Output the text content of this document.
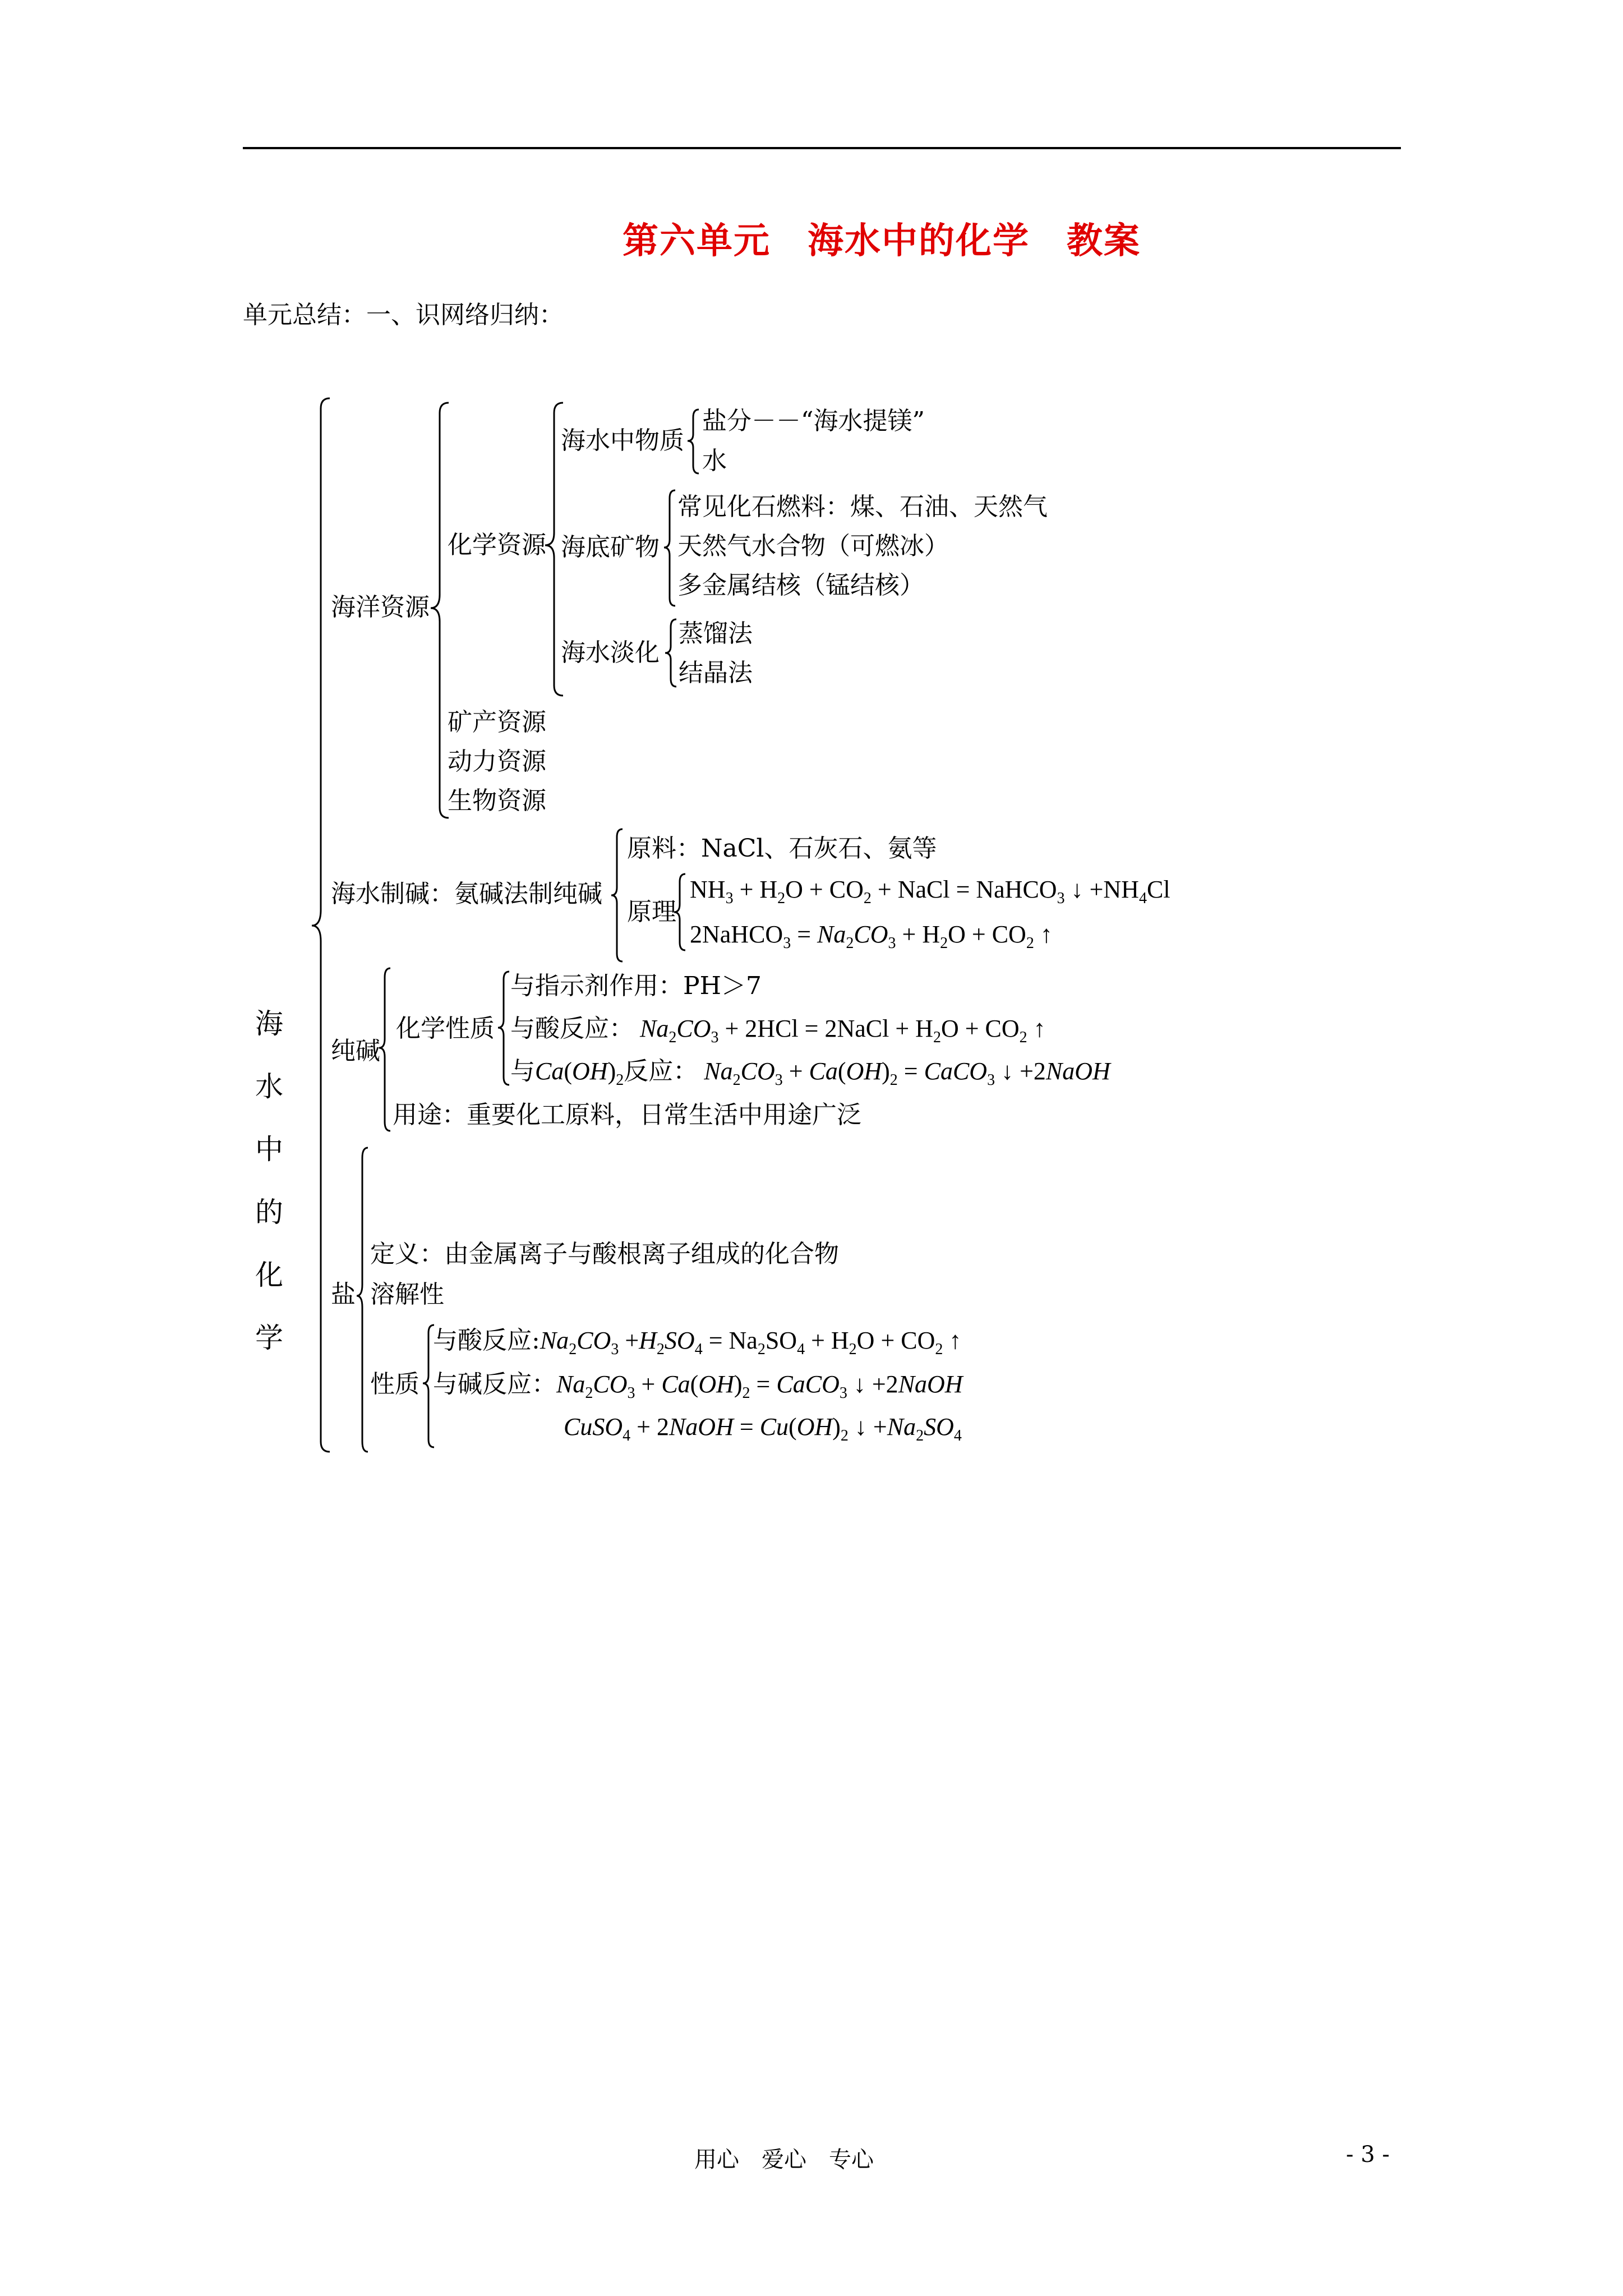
第六单元　海水中的化学　教案
单元总结：一、识网络归纳：
海
水
中
的
化
学
海洋资源
化学资源
海水中物质
盐分－－“海水提镁”
水
海底矿物
常见化石燃料：煤、石油、天然气
天然气水合物（可燃冰）
多金属结核（锰结核）
海水淡化
蒸馏法
结晶法
矿产资源
动力资源
生物资源
海水制碱：氨碱法制纯碱
原料：NaCl、石灰石、氨等
原理
$NH_3 + H_2O + CO_2$ + NaCl = NaHCO$_3$ ↓ $+NH_4Cl$
2NaHCO$_3$ = $Na_2CO_3 + H_2O + CO_2$ ↑
纯碱
化学性质
与指示剂作用：PH＞7
与酸反应： $Na_2CO_3 + 2HCl$ = 2NaCl + $H_2O + CO_2$ ↑
与$Ca(OH)_2$反应： $Na_2CO_3 + Ca(OH)_2$ = CaCO$_3$ ↓ +2NaOH
用途：重要化工原料，日常生活中用途广泛
盐
定义：由金属离子与酸根离子组成的化合物
溶解性
性质
与酸反应$:Na_2CO_3 +H_2SO_4 = Na_2SO_4 + H_2O + CO_2$ ↑
与碱反应：$Na_2CO_3 + Ca(OH)_2$ = CaCO$_3$ ↓ +2NaOH
CuSO$_4$ + 2NaOH = $Cu(OH)_2$ ↓ $+Na_2SO_4$
用心　爱心　专心	- 3 -
